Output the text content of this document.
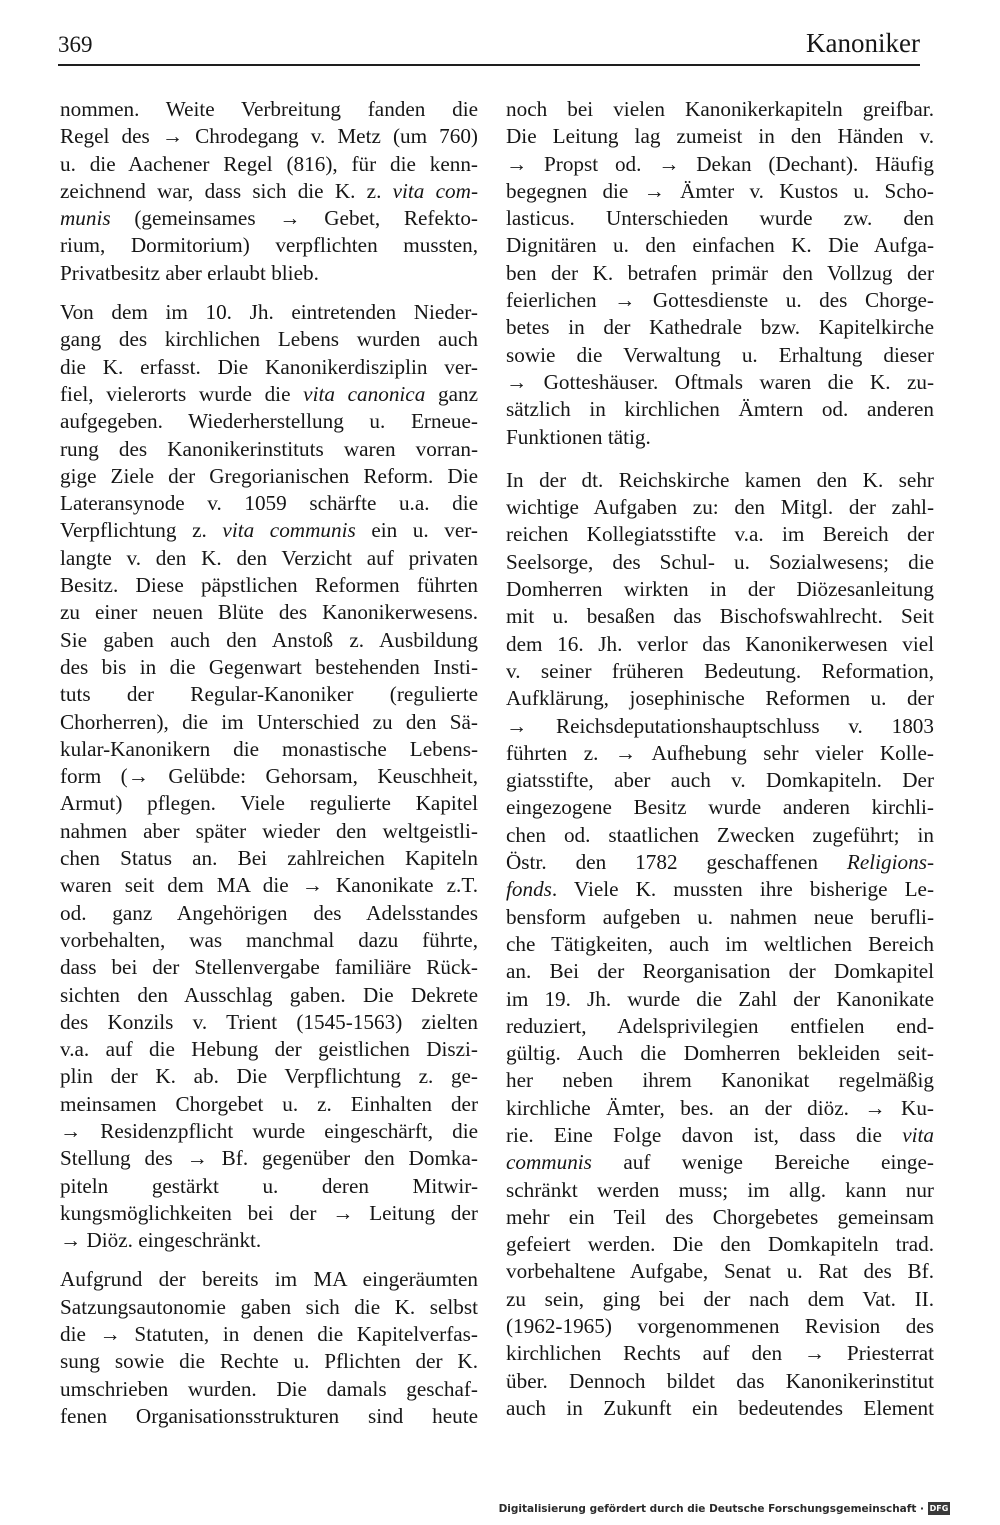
369	Kanoniker
nommen. Weite Verbreitung fanden die
Regel des → Chrodegang v. Metz (um 760)
u. die Aachener Regel (816), für die kenn-
zeichnend war, dass sich die K. z. vita com-
munis (gemeinsames → Gebet, Refekto-
rium, Dormitorium) verpflichten mussten,
Privatbesitz aber erlaubt blieb.
Von dem im 10. Jh. eintretenden Nieder-
gang des kirchlichen Lebens wurden auch
die K. erfasst. Die Kanonikerdisziplin ver-
fiel, vielerorts wurde die vita canonica ganz
aufgegeben. Wiederherstellung u. Erneue-
rung des Kanonikerinstituts waren vorran-
gige Ziele der Gregorianischen Reform. Die
Lateransynode v. 1059 schärfte u.a. die
Verpflichtung z. vita communis ein u. ver-
langte v. den K. den Verzicht auf privaten
Besitz. Diese päpstlichen Reformen führten
zu einer neuen Blüte des Kanonikerwesens.
Sie gaben auch den Anstoß z. Ausbildung
des bis in die Gegenwart bestehenden Insti-
tuts der Regular-Kanoniker (regulierte
Chorherren), die im Unterschied zu den Sä-
kular-Kanonikern die monastische Lebens-
form (→ Gelübde: Gehorsam, Keuschheit,
Armut) pflegen. Viele regulierte Kapitel
nahmen aber später wieder den weltgeistli-
chen Status an. Bei zahlreichen Kapiteln
waren seit dem MA die → Kanonikate z.T.
od. ganz Angehörigen des Adelsstandes
vorbehalten, was manchmal dazu führte,
dass bei der Stellenvergabe familiäre Rück-
sichten den Ausschlag gaben. Die Dekrete
des Konzils v. Trient (1545-1563) zielten
v.a. auf die Hebung der geistlichen Diszi-
plin der K. ab. Die Verpflichtung z. ge-
meinsamen Chorgebet u. z. Einhalten der
→ Residenzpflicht wurde eingeschärft, die
Stellung des → Bf. gegenüber den Domka-
piteln gestärkt u. deren Mitwir-
kungsmöglichkeiten bei der → Leitung der
→ Diöz. eingeschränkt.
Aufgrund der bereits im MA eingeräumten
Satzungsautonomie gaben sich die K. selbst
die → Statuten, in denen die Kapitelverfas-
sung sowie die Rechte u. Pflichten der K.
umschrieben wurden. Die damals geschaf-
fenen Organisationsstrukturen sind heute
noch bei vielen Kanonikerkapiteln greifbar.
Die Leitung lag zumeist in den Händen v.
→ Propst od. → Dekan (Dechant). Häufig
begegnen die → Ämter v. Kustos u. Scho-
lasticus. Unterschieden wurde zw. den
Dignitären u. den einfachen K. Die Aufga-
ben der K. betrafen primär den Vollzug der
feierlichen → Gottesdienste u. des Chorge-
betes in der Kathedrale bzw. Kapitelkirche
sowie die Verwaltung u. Erhaltung dieser
→ Gotteshäuser. Oftmals waren die K. zu-
sätzlich in kirchlichen Ämtern od. anderen
Funktionen tätig.
In der dt. Reichskirche kamen den K. sehr
wichtige Aufgaben zu: den Mitgl. der zahl-
reichen Kollegiatsstifte v.a. im Bereich der
Seelsorge, des Schul- u. Sozialwesens; die
Domherren wirkten in der Diözesanleitung
mit u. besaßen das Bischofswahlrecht. Seit
dem 16. Jh. verlor das Kanonikerwesen viel
v. seiner früheren Bedeutung. Reformation,
Aufklärung, josephinische Reformen u. der
→ Reichsdeputationshauptschluss v. 1803
führten z. → Aufhebung sehr vieler Kolle-
giatsstifte, aber auch v. Domkapiteln. Der
eingezogene Besitz wurde anderen kirchli-
chen od. staatlichen Zwecken zugeführt; in
Östr. den 1782 geschaffenen Religions-
fonds. Viele K. mussten ihre bisherige Le-
bensform aufgeben u. nahmen neue berufli-
che Tätigkeiten, auch im weltlichen Bereich
an. Bei der Reorganisation der Domkapitel
im 19. Jh. wurde die Zahl der Kanonikate
reduziert, Adelsprivilegien entfielen end-
gültig. Auch die Domherren bekleiden seit-
her neben ihrem Kanonikat regelmäßig
kirchliche Ämter, bes. an der diöz. → Ku-
rie. Eine Folge davon ist, dass die vita
communis auf wenige Bereiche einge-
schränkt werden muss; im allg. kann nur
mehr ein Teil des Chorgebetes gemeinsam
gefeiert werden. Die den Domkapiteln trad.
vorbehaltene Aufgabe, Senat u. Rat des Bf.
zu sein, ging bei der nach dem Vat. II.
(1962-1965) vorgenommenen Revision des
kirchlichen Rechts auf den → Priesterrat
über. Dennoch bildet das Kanonikerinstitut
auch in Zukunft ein bedeutendes Element
Digitalisierung gefördert durch die Deutsche Forschungsgemeinschaft · DFG
